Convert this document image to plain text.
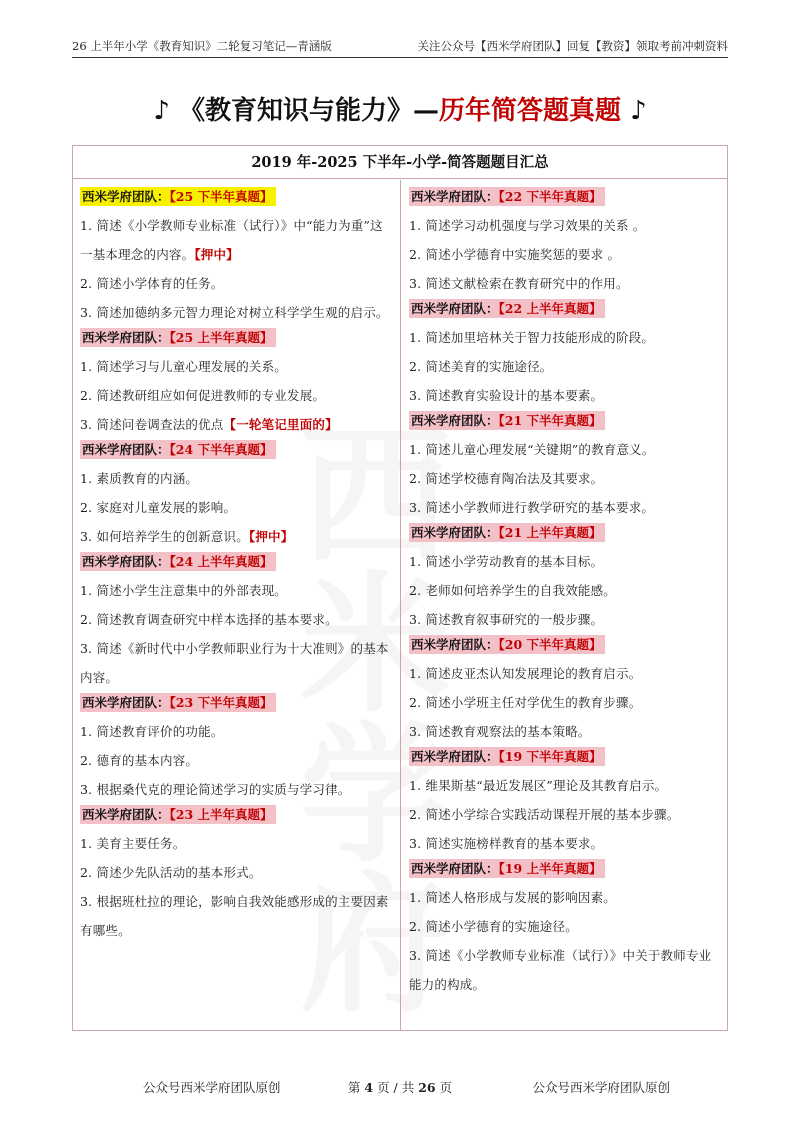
26 上半年小学《教育知识》二轮复习笔记—青涵版	关注公众号【西米学府团队】回复【教资】领取考前冲刺资料
♪ 《教育知识与能力》—历年简答题真题 ♪
2019 年-2025 下半年-小学-简答题题目汇总
西米学府团队：【25 下半年真题】
1. 简述《小学教师专业标准（试行）》中“能力为重”这一基本理念的内容。【押中】
2. 简述小学体育的任务。
3. 简述加德纳多元智力理论对树立科学学生观的启示。
西米学府团队：【25 上半年真题】
1. 简述学习与儿童心理发展的关系。
2. 简述教研组应如何促进教师的专业发展。
3. 简述问卷调查法的优点【一轮笔记里面的】
西米学府团队：【24 下半年真题】
1. 素质教育的内涵。
2. 家庭对儿童发展的影响。
3. 如何培养学生的创新意识。【押中】
西米学府团队：【24 上半年真题】
1. 简述小学生注意集中的外部表现。
2. 简述教育调查研究中样本选择的基本要求。
3. 简述《新时代中小学教师职业行为十大准则》的基本内容。
西米学府团队：【23 下半年真题】
1. 简述教育评价的功能。
2. 德育的基本内容。
3. 根据桑代克的理论简述学习的实质与学习律。
西米学府团队：【23 上半年真题】
1. 美育主要任务。
2. 简述少先队活动的基本形式。
3. 根据班杜拉的理论，影响自我效能感形成的主要因素有哪些。
西米学府团队：【22 下半年真题】
1. 简述学习动机强度与学习效果的关系 。
2. 简述小学德育中实施奖惩的要求 。
3. 简述文献检索在教育研究中的作用。
西米学府团队：【22 上半年真题】
1. 简述加里培林关于智力技能形成的阶段。
2. 简述美育的实施途径。
3. 简述教育实验设计的基本要素。
西米学府团队：【21 下半年真题】
1. 简述儿童心理发展“关键期”的教育意义。
2. 简述学校德育陶冶法及其要求。
3. 简述小学教师进行教学研究的基本要求。
西米学府团队：【21 上半年真题】
1. 简述小学劳动教育的基本目标。
2. 老师如何培养学生的自我效能感。
3. 简述教育叙事研究的一般步骤。
西米学府团队：【20 下半年真题】
1. 简述皮亚杰认知发展理论的教育启示。
2. 简述小学班主任对学优生的教育步骤。
3. 简述教育观察法的基本策略。
西米学府团队：【19 下半年真题】
1. 维果斯基“最近发展区”理论及其教育启示。
2. 简述小学综合实践活动课程开展的基本步骤。
3. 简述实施榜样教育的基本要求。
西米学府团队：【19 上半年真题】
1. 简述人格形成与发展的影响因素。
2. 简述小学德育的实施途径。
3. 简述《小学教师专业标准（试行）》中关于教师专业能力的构成。
公众号西米学府团队原创	第 4 页 / 共 26 页	公众号西米学府团队原创
